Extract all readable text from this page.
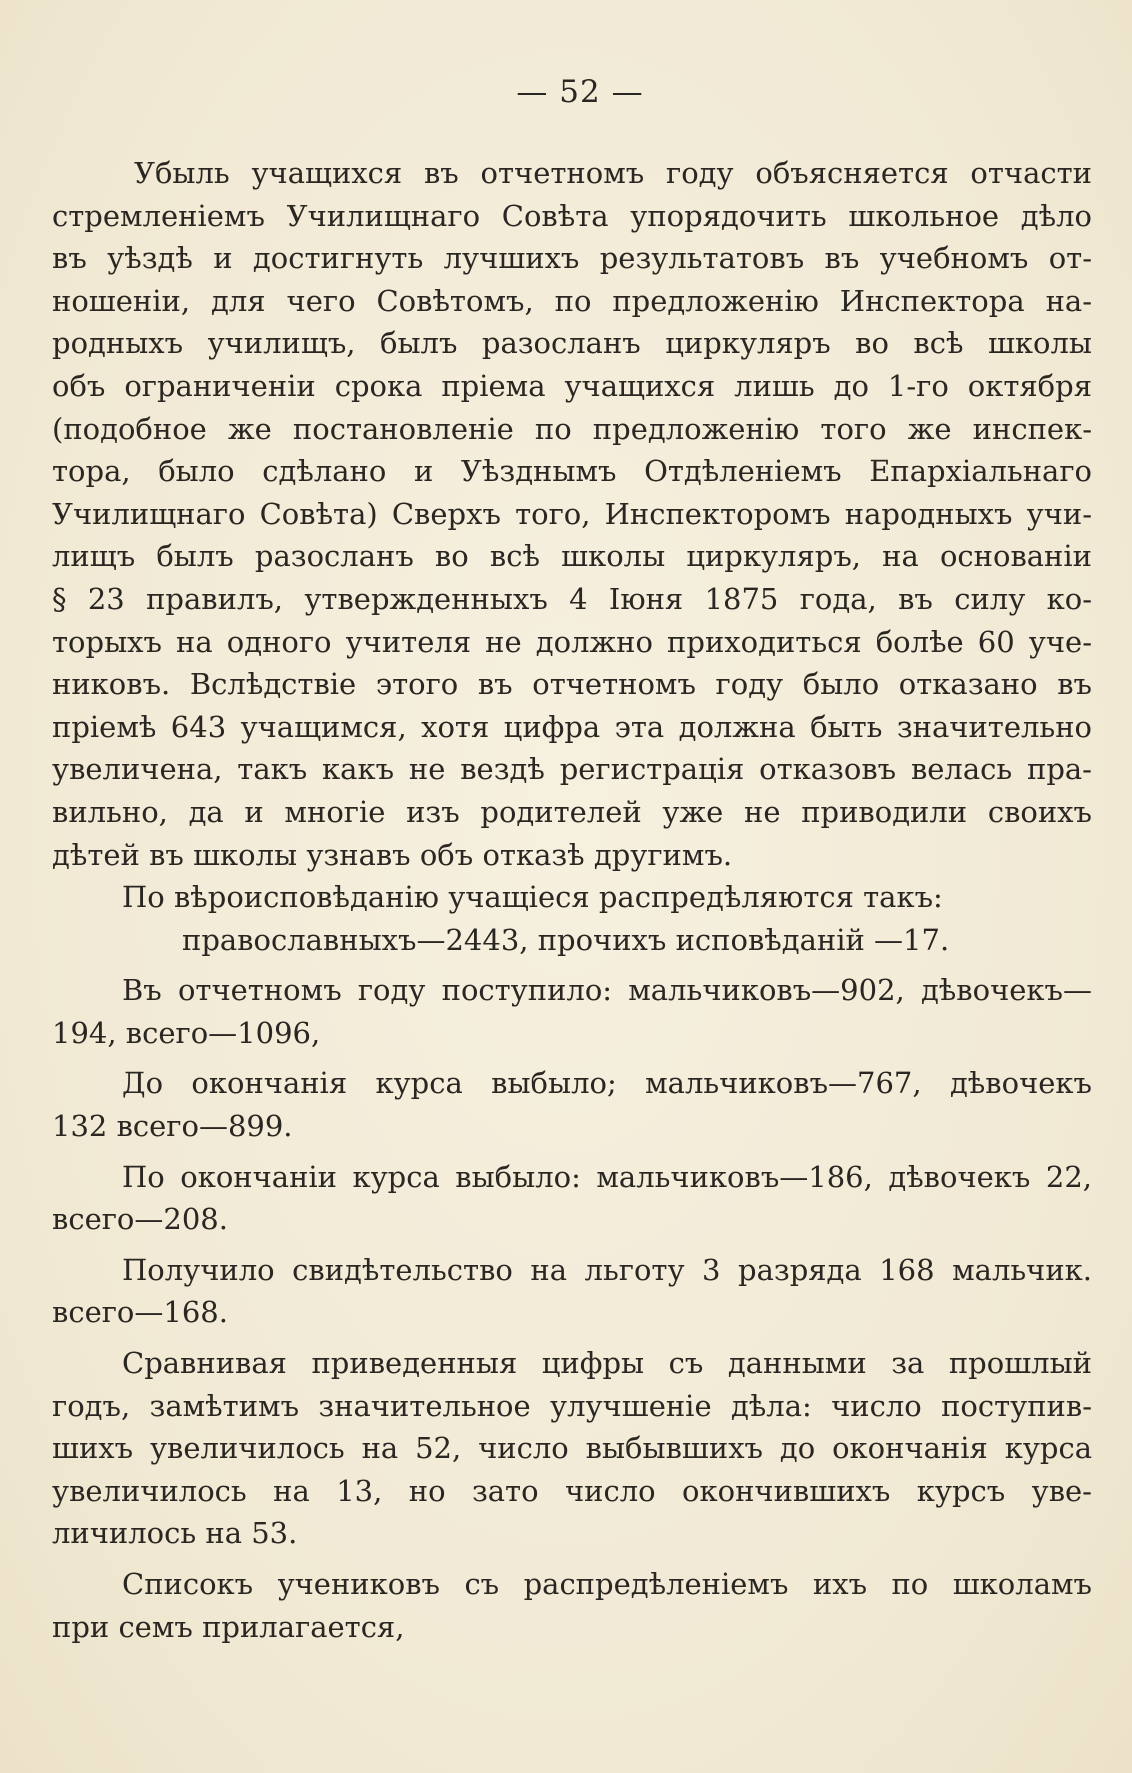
— 52 —
Убыль учащихся въ отчетномъ году объясняется отчасти
стремленіемъ Училищнаго Совѣта упорядочить школьное дѣло
въ уѣздѣ и достигнуть лучшихъ результатовъ въ учебномъ от-
ношеніи, для чего Совѣтомъ, по предложенію Инспектора на-
родныхъ училищъ, былъ разосланъ циркуляръ во всѣ школы
объ ограниченіи срока пріема учащихся лишь до 1-го октября
(подобное же постановленіе по предложенію того же инспек-
тора, было сдѣлано и Уѣзднымъ Отдѣленіемъ Епархіальнаго
Училищнаго Совѣта) Сверхъ того, Инспекторомъ народныхъ учи-
лищъ былъ разосланъ во всѣ школы циркуляръ, на основаніи
§ 23 правилъ, утвержденныхъ 4 Іюня 1875 года, въ силу ко-
торыхъ на одного учителя не должно приходиться болѣе 60 уче-
никовъ. Вслѣдствіе этого въ отчетномъ году было отказано въ
пріемѣ 643 учащимся, хотя цифра эта должна быть значительно
увеличена, такъ какъ не вездѣ регистрація отказовъ велась пра-
вильно, да и многіе изъ родителей уже не приводили своихъ
дѣтей въ школы узнавъ объ отказѣ другимъ.
По вѣроисповѣданію учащіеся распредѣляются такъ:
православныхъ—2443, прочихъ исповѣданій —17.
Въ отчетномъ году поступило: мальчиковъ—902, дѣвочекъ—
194, всего—1096,
До окончанія курса выбыло; мальчиковъ—767, дѣвочекъ
132 всего—899.
По окончаніи курса выбыло: мальчиковъ—186, дѣвочекъ 22,
всего—208.
Получило свидѣтельство на льготу 3 разряда 168 мальчик.
всего—168.
Сравнивая приведенныя цифры съ данными за прошлый
годъ, замѣтимъ значительное улучшеніе дѣла: число поступив-
шихъ увеличилось на 52, число выбывшихъ до окончанія курса
увеличилось на 13, но зато число окончившихъ курсъ уве-
личилось на 53.
Списокъ учениковъ съ распредѣленіемъ ихъ по школамъ
при семъ прилагается,
